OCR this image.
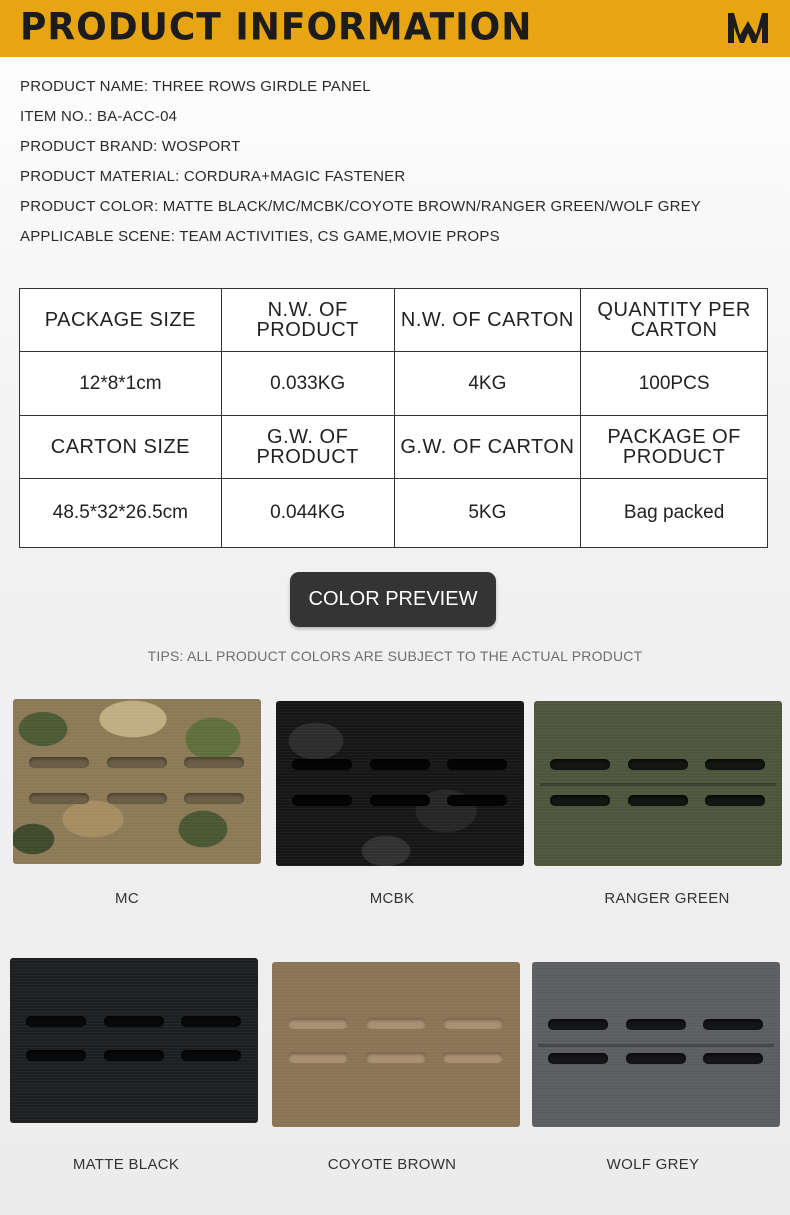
PRODUCT INFORMATION
PRODUCT NAME: THREE ROWS GIRDLE PANEL
ITEM NO.: BA-ACC-04
PRODUCT BRAND: WOSPORT
PRODUCT MATERIAL: CORDURA+MAGIC FASTENER
PRODUCT COLOR: MATTE BLACK/MC/MCBK/COYOTE BROWN/RANGER GREEN/WOLF GREY
APPLICABLE SCENE: TEAM ACTIVITIES, CS GAME,MOVIE PROPS
PACKAGE SIZE	N.W. OF PRODUCT	N.W. OF CARTON	QUANTITY PER CARTON
12*8*1cm	0.033KG	4KG	100PCS
CARTON SIZE	G.W. OF PRODUCT	G.W. OF CARTON	PACKAGE OF PRODUCT
48.5*32*26.5cm	0.044KG	5KG	Bag packed
COLOR PREVIEW
TIPS: ALL PRODUCT COLORS ARE SUBJECT TO THE ACTUAL PRODUCT
MC	MCBK	RANGER GREEN
MATTE BLACK	COYOTE BROWN	WOLF GREY
